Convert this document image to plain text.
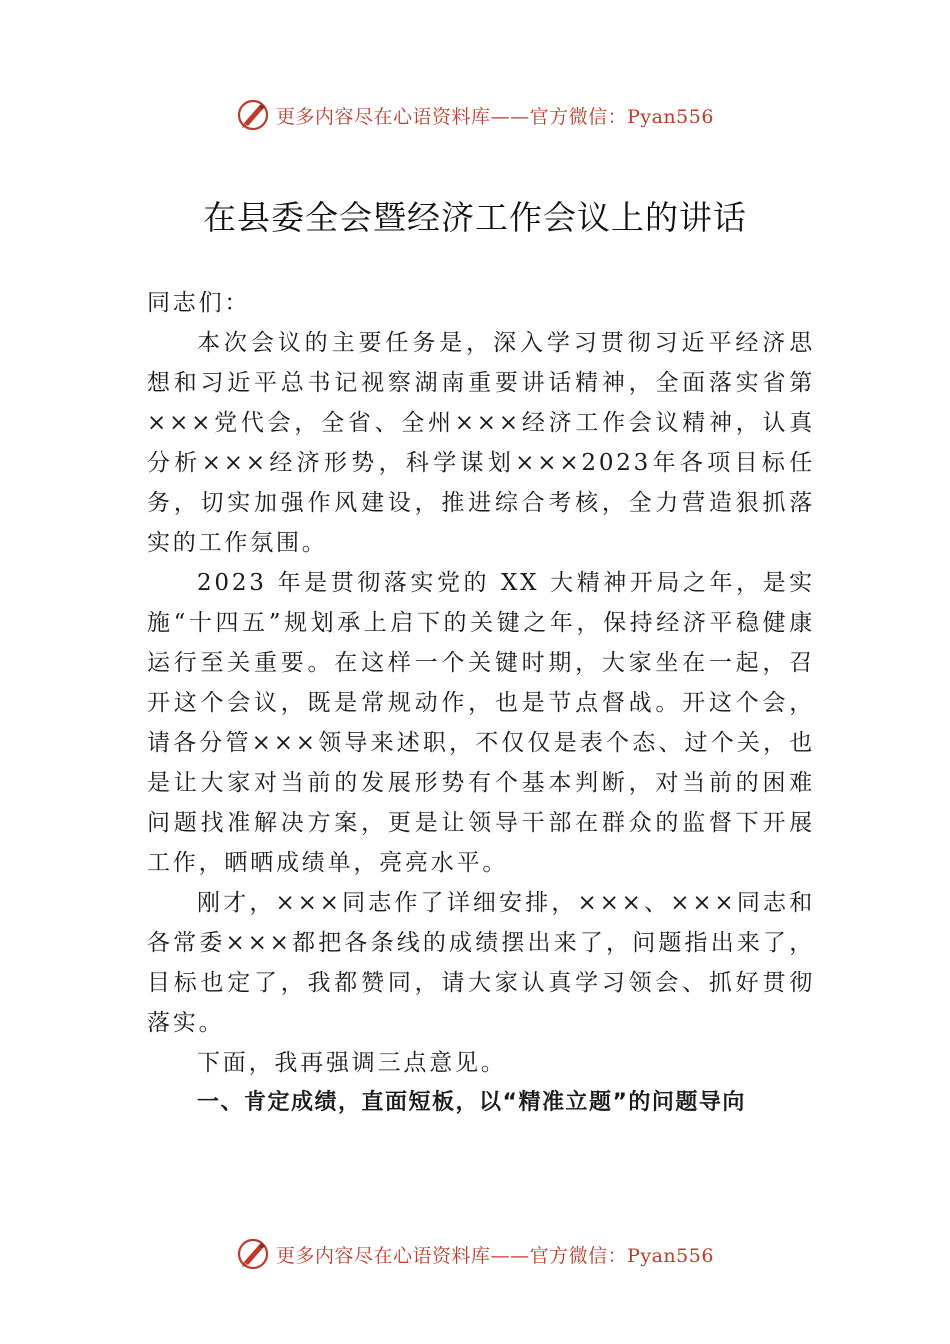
更多内容尽在心语资料库——官方微信：Pyan556
在县委全会暨经济工作会议上的讲话

同志们：

本次会议的主要任务是，深入学习贯彻习近平经济思想和习近平总书记视察湖南重要讲话精神，全面落实省第×××党代会，全省、全州×××经济工作会议精神，认真分析×××经济形势，科学谋划×××2023年各项目标任务，切实加强作风建设，推进综合考核，全力营造狠抓落实的工作氛围。

2023 年是贯彻落实党的 XX 大精神开局之年，是实施“十四五”规划承上启下的关键之年，保持经济平稳健康运行至关重要。在这样一个关键时期，大家坐在一起，召开这个会议，既是常规动作，也是节点督战。开这个会，请各分管×××领导来述职，不仅仅是表个态、过个关，也是让大家对当前的发展形势有个基本判断，对当前的困难问题找准解决方案，更是让领导干部在群众的监督下开展工作，晒晒成绩单，亮亮水平。

刚才，×××同志作了详细安排，×××、×××同志和各常委×××都把各条线的成绩摆出来了，问题指出来了，目标也定了，我都赞同，请大家认真学习领会、抓好贯彻落实。

下面，我再强调三点意见。

一、肯定成绩，直面短板，以“精准立题”的问题导向

更多内容尽在心语资料库——官方微信：Pyan556
